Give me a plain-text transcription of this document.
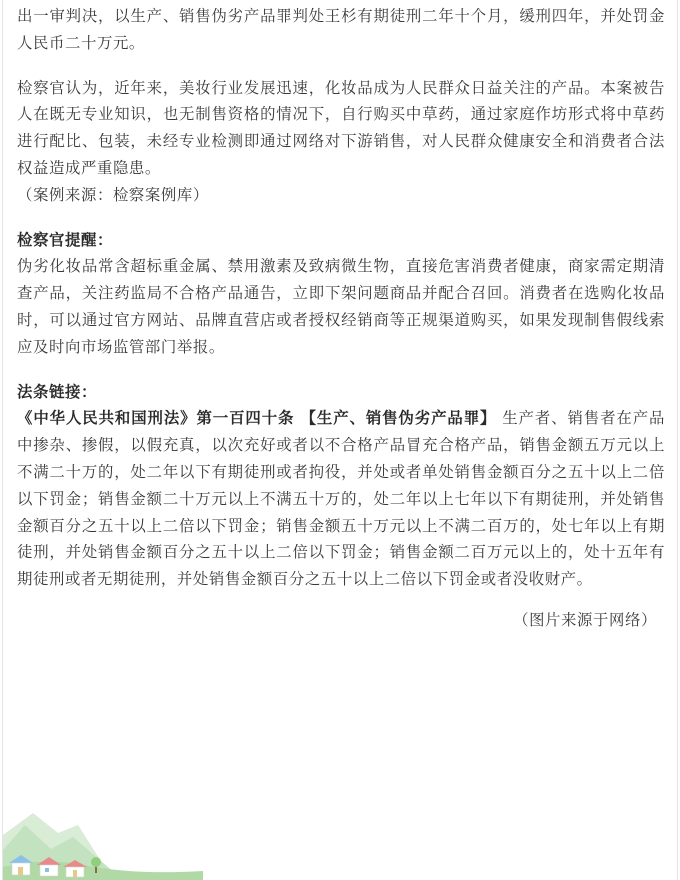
出一审判决，以生产、销售伪劣产品罪判处王杉有期徒刑二年十个月，缓刑四年，并处罚金人民币二十万元。

检察官认为，近年来，美妆行业发展迅速，化妆品成为人民群众日益关注的产品。本案被告人在既无专业知识，也无制售资格的情况下，自行购买中草药，通过家庭作坊形式将中草药进行配比、包装，未经专业检测即通过网络对下游销售，对人民群众健康安全和消费者合法权益造成严重隐患。

（案例来源：检察案例库）

检察官提醒：

伪劣化妆品常含超标重金属、禁用激素及致病微生物，直接危害消费者健康，商家需定期清查产品，关注药监局不合格产品通告，立即下架问题商品并配合召回。消费者在选购化妆品时，可以通过官方网站、品牌直营店或者授权经销商等正规渠道购买，如果发现制售假线索应及时向市场监管部门举报。

法条链接：

《中华人民共和国刑法》第一百四十条 【生产、销售伪劣产品罪】 生产者、销售者在产品中掺杂、掺假，以假充真，以次充好或者以不合格产品冒充合格产品，销售金额五万元以上不满二十万的，处二年以下有期徒刑或者拘役，并处或者单处销售金额百分之五十以上二倍以下罚金；销售金额二十万元以上不满五十万的，处二年以上七年以下有期徒刑，并处销售金额百分之五十以上二倍以下罚金；销售金额五十万元以上不满二百万的，处七年以上有期徒刑，并处销售金额百分之五十以上二倍以下罚金；销售金额二百万元以上的，处十五年有期徒刑或者无期徒刑，并处销售金额百分之五十以上二倍以下罚金或者没收财产。

（图片来源于网络）
